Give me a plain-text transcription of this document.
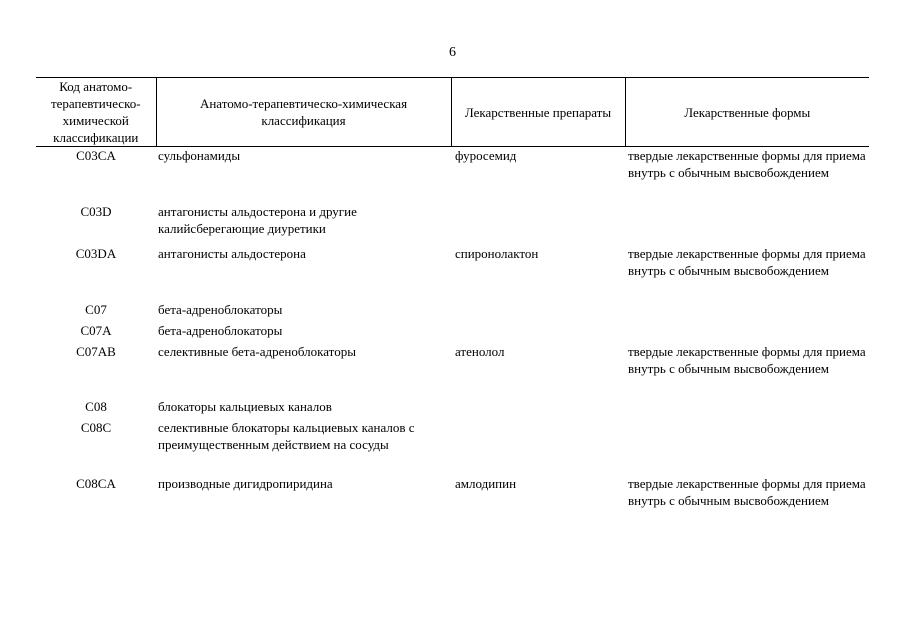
6
Код анатомо-терапевтическо-химической классификации	Анатомо-терапевтическо-химическая классификация	Лекарственные препараты	Лекарственные формы
C03CA	сульфонамиды	фуросемид	твердые лекарственные формы для приема внутрь с обычным высвобождением
C03D	антагонисты альдостерона и другие калийсберегающие диуретики		
C03DA	антагонисты альдостерона	спиронолактон	твердые лекарственные формы для приема внутрь с обычным высвобождением
C07	бета-адреноблокаторы		
C07A	бета-адреноблокаторы		
C07AB	селективные бета-адреноблокаторы	атенолол	твердые лекарственные формы для приема внутрь с обычным высвобождением
C08	блокаторы кальциевых каналов		
C08C	селективные блокаторы кальциевых каналов с преимущественным действием на сосуды		
C08CA	производные дигидропиридина	амлодипин	твердые лекарственные формы для приема внутрь с обычным высвобождением
